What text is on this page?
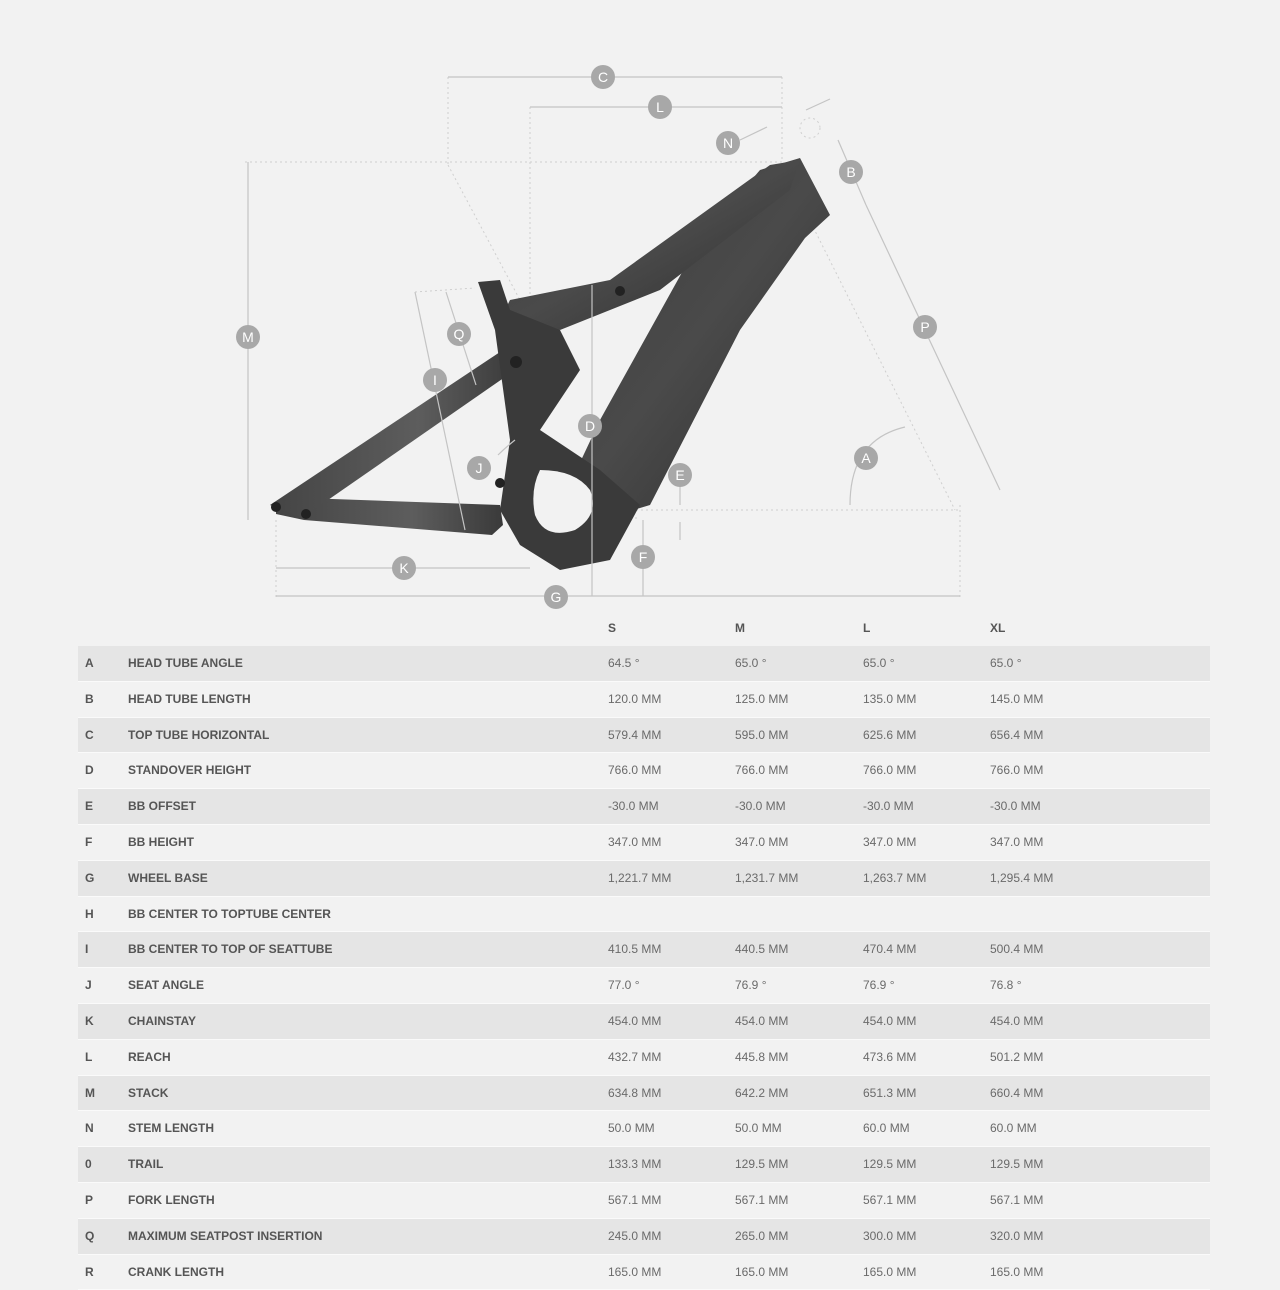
C
L
N
B
M
P
Q
I
D
A
J	E
F
K
G
S	M	L	XL
A	HEAD TUBE ANGLE	64.5 °	65.0 °	65.0 °	65.0 °
B	HEAD TUBE LENGTH	120.0 MM	125.0 MM	135.0 MM	145.0 MM
C	TOP TUBE HORIZONTAL	579.4 MM	595.0 MM	625.6 MM	656.4 MM
D	STANDOVER HEIGHT	766.0 MM	766.0 MM	766.0 MM	766.0 MM
E	BB OFFSET	-30.0 MM	-30.0 MM	-30.0 MM	-30.0 MM
F	BB HEIGHT	347.0 MM	347.0 MM	347.0 MM	347.0 MM
G	WHEEL BASE	1,221.7 MM	1,231.7 MM	1,263.7 MM	1,295.4 MM
H	BB CENTER TO TOPTUBE CENTER
I	BB CENTER TO TOP OF SEATTUBE	410.5 MM	440.5 MM	470.4 MM	500.4 MM
J	SEAT ANGLE	77.0 °	76.9 °	76.9 °	76.8 °
K	CHAINSTAY	454.0 MM	454.0 MM	454.0 MM	454.0 MM
L	REACH	432.7 MM	445.8 MM	473.6 MM	501.2 MM
M	STACK	634.8 MM	642.2 MM	651.3 MM	660.4 MM
N	STEM LENGTH	50.0 MM	50.0 MM	60.0 MM	60.0 MM
0	TRAIL	133.3 MM	129.5 MM	129.5 MM	129.5 MM
P	FORK LENGTH	567.1 MM	567.1 MM	567.1 MM	567.1 MM
Q	MAXIMUM SEATPOST INSERTION	245.0 MM	265.0 MM	300.0 MM	320.0 MM
R	CRANK LENGTH	165.0 MM	165.0 MM	165.0 MM	165.0 MM
